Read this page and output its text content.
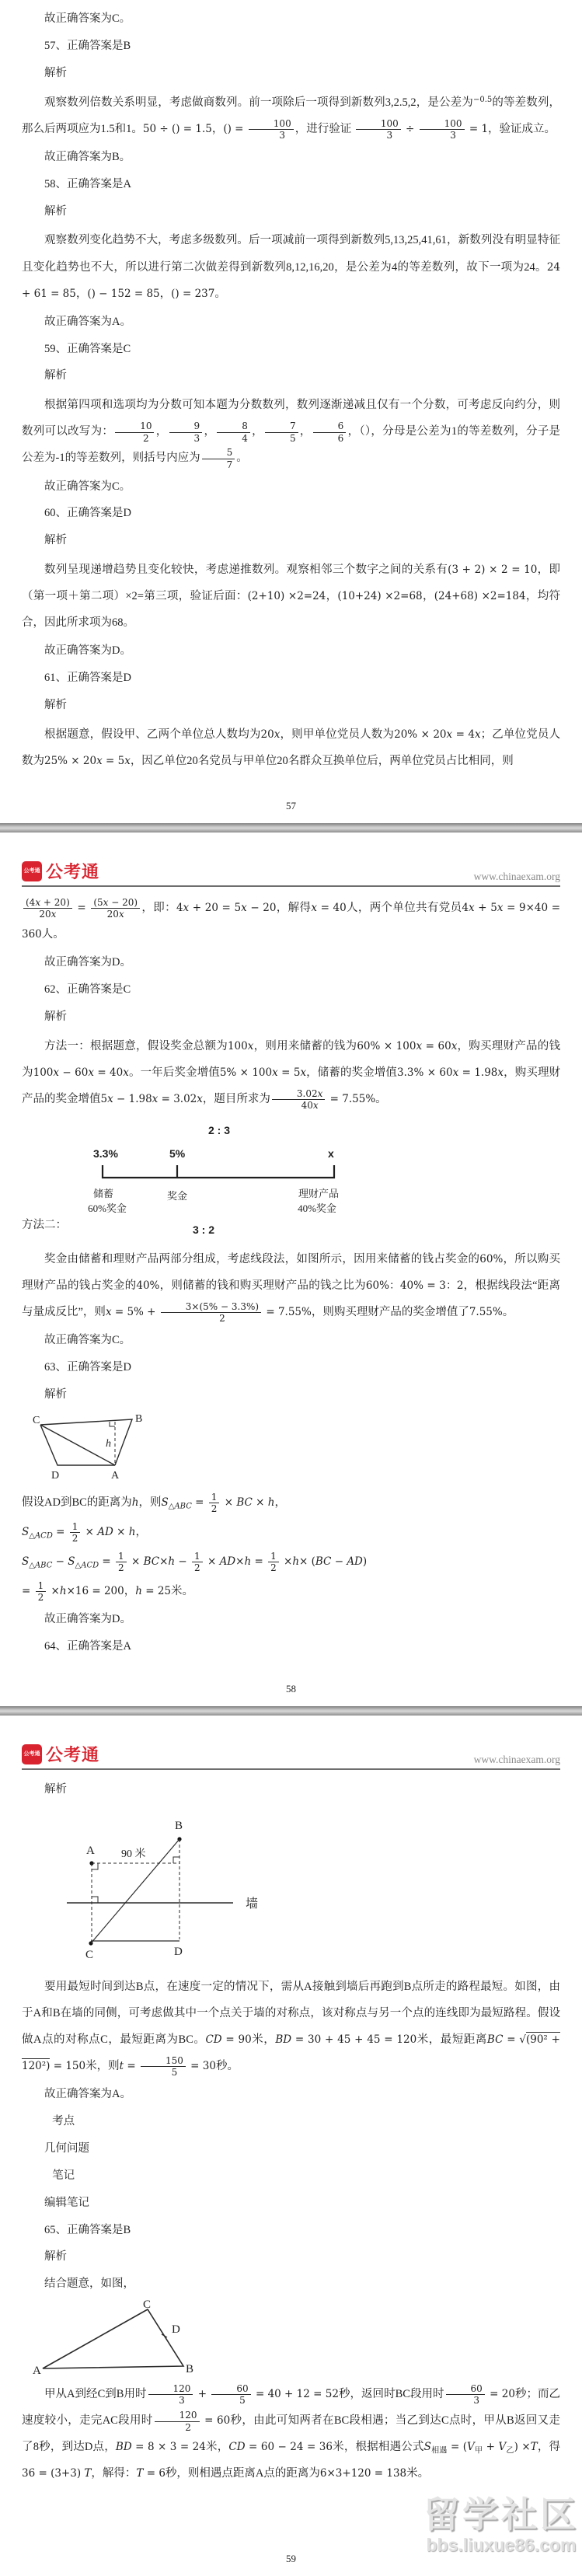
故正确答案为C。

57、正确答案是B

解析

观察数列倍数关系明显，考虑做商数列。前一项除后一项得到新数列3,2.5,2，是公差为$^{-0.5}$的等差数列，那么后两项应为1.5和1。50 ÷ () = 1.5，() = $\frac{100}{3}$ ，进行验证 $\frac{100}{3} \div \frac{100}{3} = 1$，验证成立。

故正确答案为B。

58、正确答案是A

解析

观察数列变化趋势不大，考虑多级数列。后一项减前一项得到新数列5,13,25,41,61，新数列没有明显特征且变化趋势也不大，所以进行第二次做差得到新数列8,12,16,20，是公差为4的等差数列，故下一项为24。24 + 61 = 85，() − 152 = 85，() = 237。

故正确答案为A。

59、正确答案是C

解析

根据第四项和选项均为分数可知本题为分数数列，数列逐渐递减且仅有一个分数，可考虑反向约分，则数列可以改写为： $\frac{10}{2}$ ， $\frac{9}{3}$ ， $\frac{8}{4}$ ， $\frac{7}{5}$ ， $\frac{6}{6}$ ，（），分母是公差为1的等差数列，分子是公差为-1的等差数列，则括号内应为 $\frac{5}{7}$ 。

故正确答案为C。

60、正确答案是D

解析

数列呈现递增趋势且变化较快，考虑递推数列。观察相邻三个数字之间的关系有(3 + 2) × 2 = 10，即（第一项＋第二项）×2=第三项，验证后面：(2+10) ×2=24，(10+24) ×2=68，(24+68) ×2=184，均符合，因此所求项为68。

故正确答案为D。

61、正确答案是D

解析

根据题意，假设甲、乙两个单位总人数均为20x，则甲单位党员人数为20% × 20x = 4x；乙单位党员人数为25% × 20x = 5x，因乙单位20名党员与甲单位20名群众互换单位后，两单位党员占比相同，则

57
公考通 公考通	www.chinaexam.org

$\frac{(4x + 20)}{20x} = \frac{(5x - 20)}{20x}$ ，即：4x + 20 = 5x − 20，解得x = 40人，两个单位共有党员4x + 5x = 9×40 = 360人。

故正确答案为D。

62、正确答案是C

解析

方法一：根据题意，假设奖金总额为100x，则用来储蓄的钱为60% × 100x = 60x，购买理财产品的钱为100x − 60x = 40x。一年后奖金增值5% × 100x = 5x，储蓄的奖金增值3.3% × 60x = 1.98x，购买理财产品的奖金增值5x − 1.98x = 3.02x，题目所求为 $\frac{3.02x}{40x} = 7.55\%$。

方法二：
2 : 3
3.3%	5%	x
储蓄
60%奖金
奖金	理财产品
40%奖金
3 : 2

奖金由储蓄和理财产品两部分组成，考虑线段法，如图所示，因用来储蓄的钱占奖金的60%，所以购买理财产品的钱占奖金的40%，则储蓄的钱和购买理财产品的钱之比为60%：40% = 3：2，根据线段法“距离与量成反比”，则$x = 5\% + \frac{3\times(5\% - 3.3\%)}{2} = 7.55\%$，则购买理财产品的奖金增值了7.55%。

故正确答案为C。

63、正确答案是D

解析

C	B
h
D	A

假设AD到BC的距离为h，则$S_{\triangle ABC} = \frac{1}{2}$ × BC × h，

$S_{\triangle ACD} = \frac{1}{2}$ × AD × h，

$S_{\triangle ABC} - S_{\triangle ACD} = \frac{1}{2} \times BC\times h - \frac{1}{2} \times AD\times h = \frac{1}{2} \times h\times (BC - AD)$

= $\frac{1}{2} \times h\times 16 = 200$，h = 25米。

故正确答案为D。

64、正确答案是A

58
公考通 公考通	www.chinaexam.org

解析

B
A 90 米
墙
C	D

要用最短时间到达B点，在速度一定的情况下，需从A接触到墙后再跑到B点所走的路程最短。如图，由于A和B在墙的同侧，可考虑做其中一个点关于墙的对称点，该对称点与另一个点的连线即为最短路程。假设做A点的对称点C，最短距离为BC。CD = 90米，BD = 30 + 45 + 45 = 120米，最短距离BC = √(90² + 120²) = 150米，则$t = \frac{150}{5} = 30$秒。

故正确答案为A。

考点

几何问题

笔记

编辑笔记

65、正确答案是B

解析

结合题意，如图，

A	B
C
D

甲从A到经C到B用时 $\frac{120}{3} + \frac{60}{5} = 40 + 12 = 52$秒，返回时BC段用时 $\frac{60}{3} = 20$秒；而乙速度较小，走完AC段用时 $\frac{120}{2} = 60$秒，由此可知两者在BC段相遇；当乙到达C点时，甲从B返回又走了8秒，到达D点，BD = 8 × 3 = 24米，CD = 60 − 24 = 36米，根据相遇公式$S_{相遇} = (V_甲 + V_乙) \times T$，得36 = (3+3) T，解得：T = 6秒，则相遇点距离A点的距离为6×3+120 = 138米。

留学社区
bbs.liuxue86.com
59
